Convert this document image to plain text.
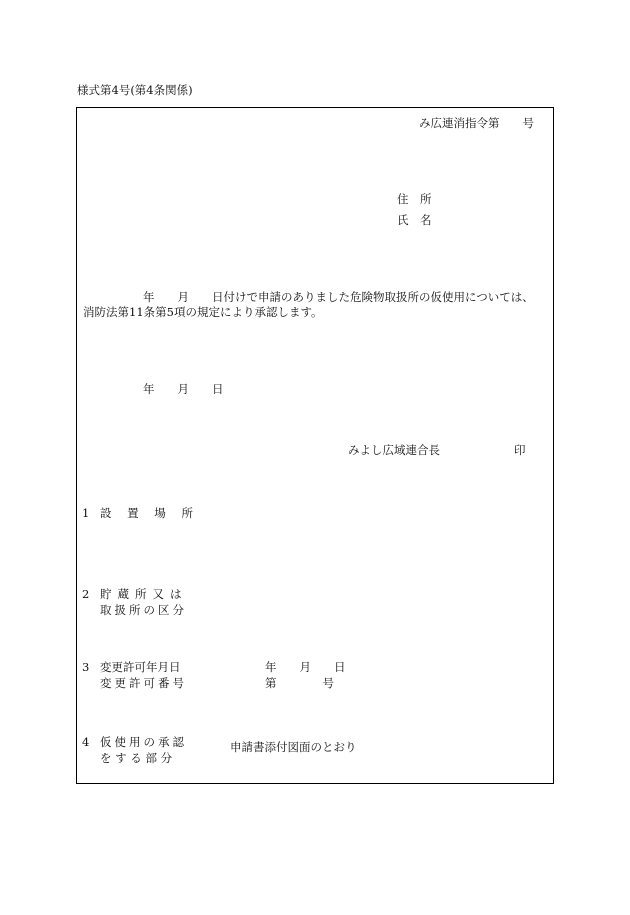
様式第4号(第4条関係)
み広連消指令第　　号
住　所
氏　名
年　　月　　日付けで申請のありました危険物取扱所の仮使用については、
消防法第11条第5項の規定により承認します。
年　　月　　日
みよし広域連合長	印
1 設 置 場 所
2 貯蔵所又は
取扱所の区分
3 変更許可年月日
変更許可番号
年　　月　　日
第　　　　号
4 仮使用の承認
を す る 部 分
申請書添付図面のとおり
